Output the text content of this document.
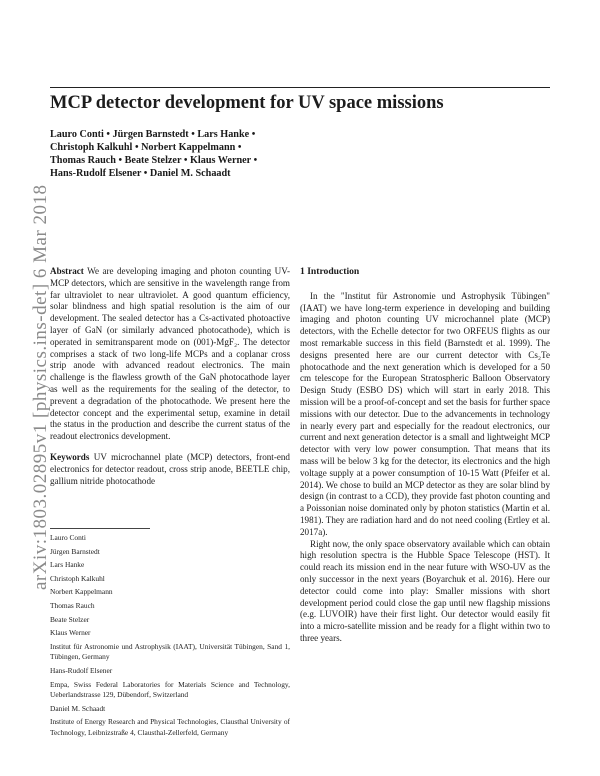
arXiv:1803.02895v1 [physics.ins-det] 6 Mar 2018
MCP detector development for UV space missions
Lauro Conti • Jürgen Barnstedt • Lars Hanke •
Christoph Kalkuhl • Norbert Kappelmann •
Thomas Rauch • Beate Stelzer • Klaus Werner •
Hans-Rudolf Elsener • Daniel M. Schaadt

Abstract We are developing imaging and photon counting UV-MCP detectors, which are sensitive in the wavelength range from far ultraviolet to near ultraviolet. A good quantum efficiency, solar blindness and high spatial resolution is the aim of our development. The sealed detector has a Cs-activated photoactive layer of GaN (or similarly advanced photocathode), which is operated in semitransparent mode on (001)-MgF₂. The detector comprises a stack of two long-life MCPs and a coplanar cross strip anode with advanced readout electronics. The main challenge is the flawless growth of the GaN photocathode layer as well as the requirements for the sealing of the detector, to prevent a degradation of the photocathode. We present here the detector concept and the experimental setup, examine in detail the status in the production and describe the current status of the readout electronics development.

Keywords UV microchannel plate (MCP) detectors, front-end electronics for detector readout, cross strip anode, BEETLE chip, gallium nitride photocathode

Lauro Conti
Jürgen Barnstedt
Lars Hanke
Christoph Kalkuhl
Norbert Kappelmann
Thomas Rauch
Beate Stelzer
Klaus Werner
Institut für Astronomie und Astrophysik (IAAT), Universität Tübingen, Sand 1, Tübingen, Germany
Hans-Rudolf Elsener
Empa, Swiss Federal Laboratories for Materials Science and Technology, Ueberlandstrasse 129, Dübendorf, Switzerland
Daniel M. Schaadt
Institute of Energy Research and Physical Technologies, Clausthal University of Technology, Leibnizstraße 4, Clausthal-Zellerfeld, Germany
1 Introduction

In the "Institut für Astronomie und Astrophysik Tübingen" (IAAT) we have long-term experience in developing and building imaging and photon counting UV microchannel plate (MCP) detectors, with the Echelle detector for two ORFEUS flights as our most remarkable success in this field (Barnstedt et al. 1999). The designs presented here are our current detector with Cs₂Te photocathode and the next generation which is developed for a 50 cm telescope for the European Stratospheric Balloon Observatory Design Study (ESBO DS) which will start in early 2018. This mission will be a proof-of-concept and set the basis for further space missions with our detector. Due to the advancements in technology in nearly every part and especially for the readout electronics, our current and next generation detector is a small and lightweight MCP detector with very low power consumption. That means that its mass will be below 3 kg for the detector, its electronics and the high voltage supply at a power consumption of 10-15 Watt (Pfeifer et al. 2014). We chose to build an MCP detector as they are solar blind by design (in contrast to a CCD), they provide fast photon counting and a Poissonian noise dominated only by photon statistics (Martin et al. 1981). They are radiation hard and do not need cooling (Ertley et al. 2017a).

Right now, the only space observatory available which can obtain high resolution spectra is the Hubble Space Telescope (HST). It could reach its mission end in the near future with WSO-UV as the only successor in the next years (Boyarchuk et al. 2016). Here our detector could come into play: Smaller missions with short development period could close the gap until new flagship missions (e.g. LUVOIR) have their first light. Our detector would easily fit into a micro-satellite mission and be ready for a flight within two to three years.
